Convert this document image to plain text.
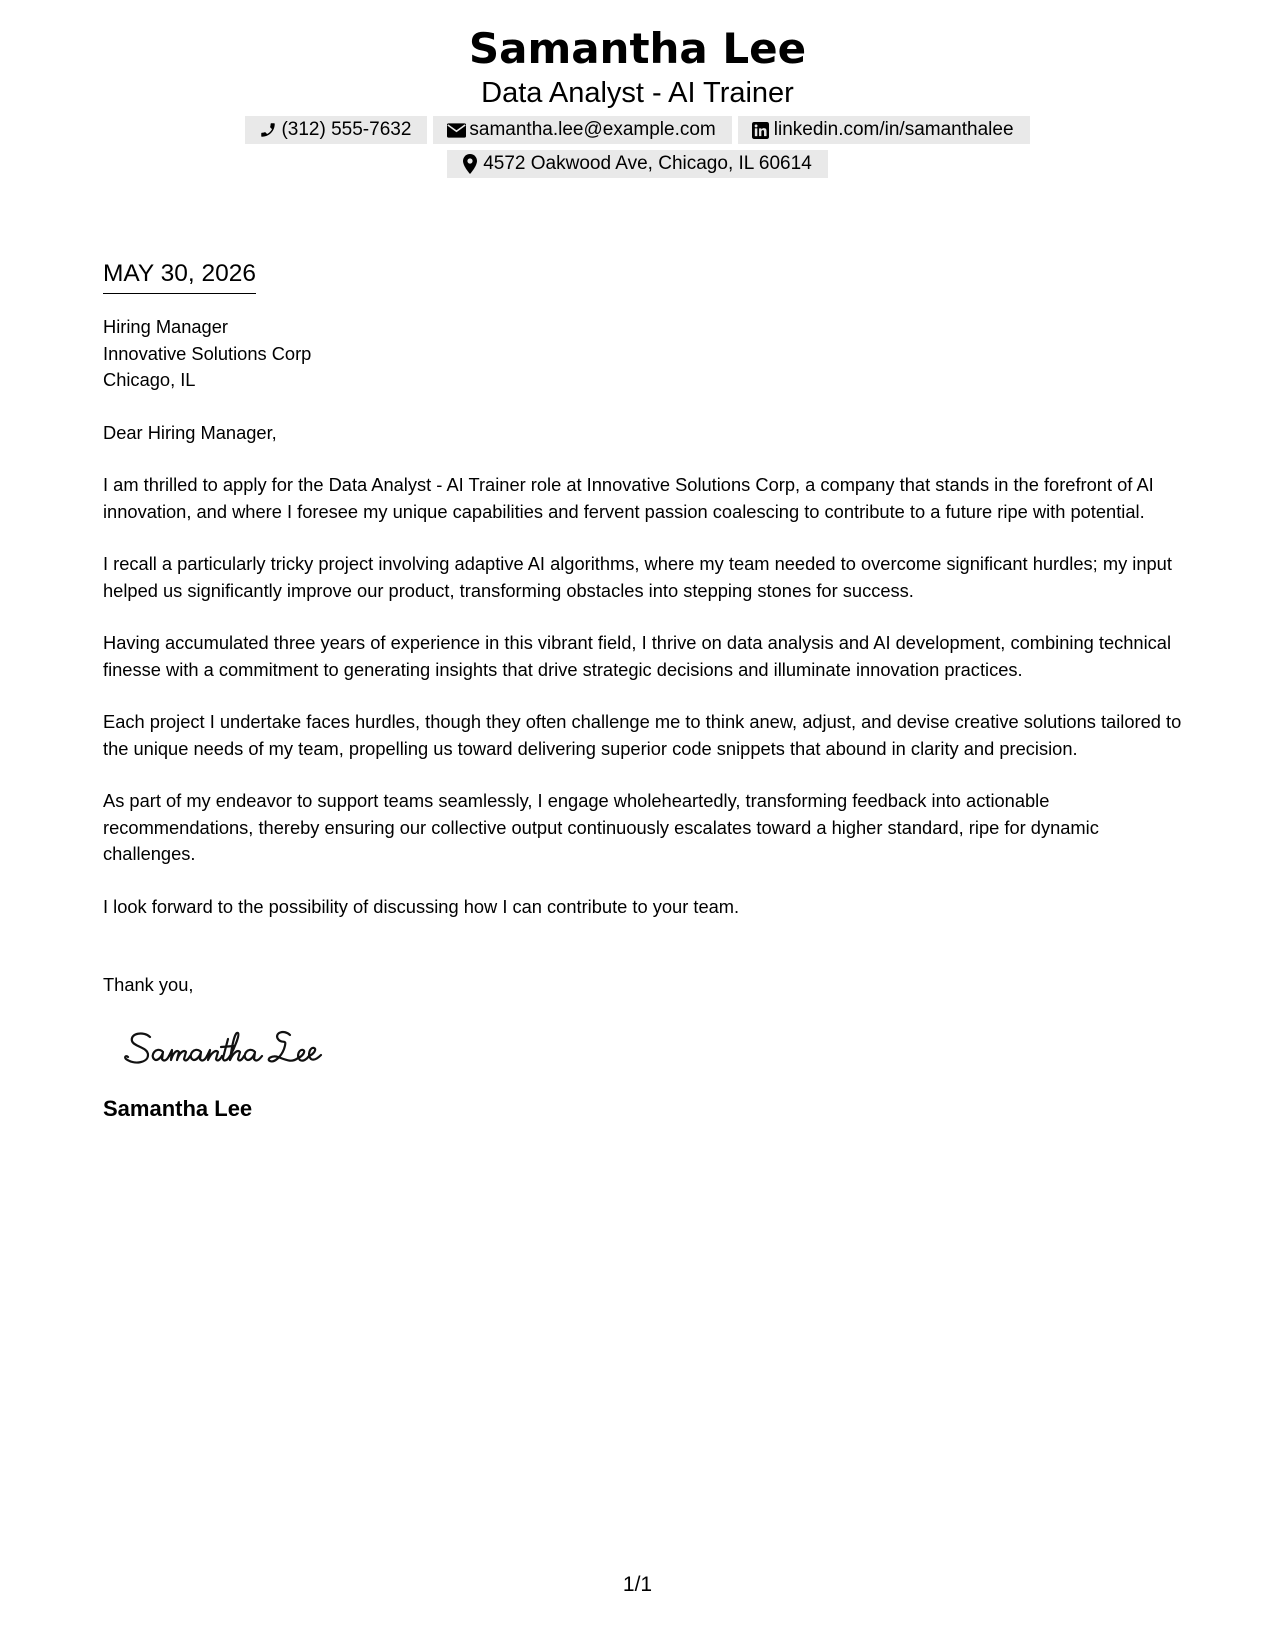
Samantha Lee
Data Analyst - AI Trainer
(312) 555-7632	samantha.lee@example.com	linkedin.com/in/samanthalee
4572 Oakwood Ave, Chicago, IL 60614
MAY 30, 2026
Hiring Manager
Innovative Solutions Corp
Chicago, IL
Dear Hiring Manager,

I am thrilled to apply for the Data Analyst - AI Trainer role at Innovative Solutions Corp, a company that stands in the forefront of AI innovation, and where I foresee my unique capabilities and fervent passion coalescing to contribute to a future ripe with potential.

I recall a particularly tricky project involving adaptive AI algorithms, where my team needed to overcome significant hurdles; my input helped us significantly improve our product, transforming obstacles into stepping stones for success.

Having accumulated three years of experience in this vibrant field, I thrive on data analysis and AI development, combining technical finesse with a commitment to generating insights that drive strategic decisions and illuminate innovation practices.

Each project I undertake faces hurdles, though they often challenge me to think anew, adjust, and devise creative solutions tailored to the unique needs of my team, propelling us toward delivering superior code snippets that abound in clarity and precision.

As part of my endeavor to support teams seamlessly, I engage wholeheartedly, transforming feedback into actionable recommendations, thereby ensuring our collective output continuously escalates toward a higher standard, ripe for dynamic challenges.

I look forward to the possibility of discussing how I can contribute to your team.

Thank you,
Samantha Lee
1/1
